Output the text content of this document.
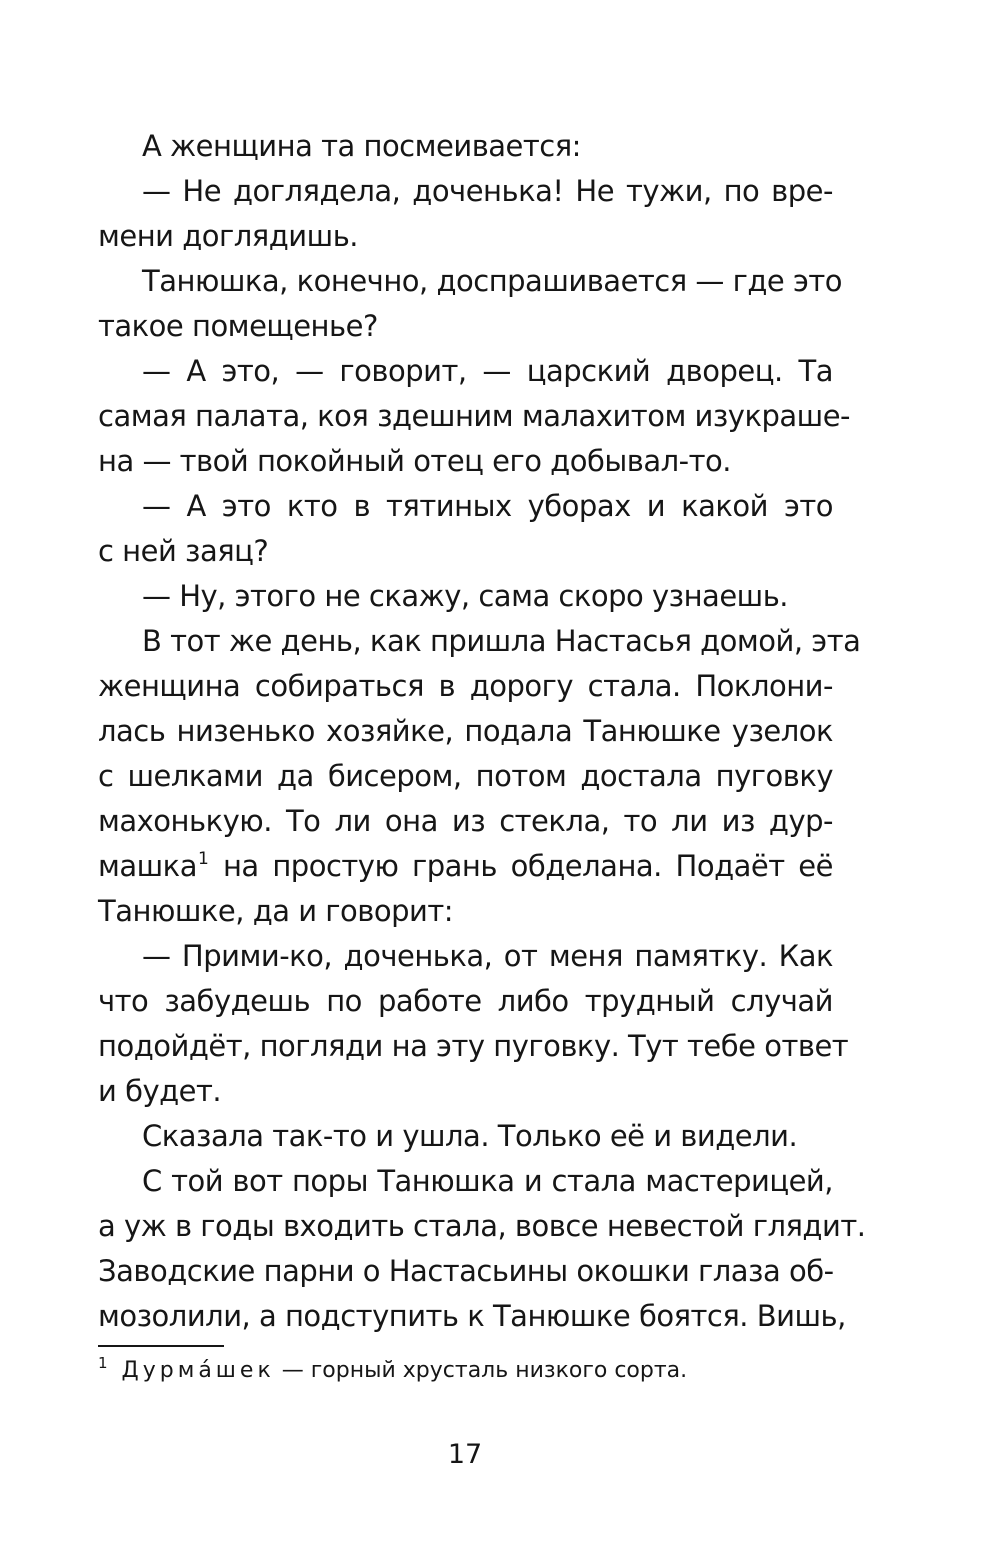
А женщина та посмеивается:
— Не доглядела, доченька! Не тужи, по вре-
мени доглядишь.
Танюшка, конечно, доспрашивается — где это
такое помещенье?
— А это, — говорит, — царский дворец. Та
самая палата, коя здешним малахитом изукраше-
на — твой покойный отец его добывал-то.
— А это кто в тятиных уборах и какой это
с ней заяц?
— Ну, этого не скажу, сама скоро узнаешь.
В тот же день, как пришла Настасья домой, эта
женщина собираться в дорогу стала. Поклони-
лась низенько хозяйке, подала Танюшке узелок
с шелками да бисером, потом достала пуговку
махонькую. То ли она из стекла, то ли из дур-
машка$^1$ на простую грань обделана. Подаёт её
Танюшке, да и говорит:
— Прими-ко, доченька, от меня памятку. Как
что забудешь по работе либо трудный случай
подойдёт, погляди на эту пуговку. Тут тебе ответ
и будет.
Сказала так-то и ушла. Только её и видели.
С той вот поры Танюшка и стала мастерицей,
а уж в годы входить стала, вовсе невестой глядит.
Заводские парни о Настасьины окошки глаза об-
мозолили, а подступить к Танюшке боятся. Вишь,
$^1$ Дурма́шек — горный хрусталь низкого сорта.
17
